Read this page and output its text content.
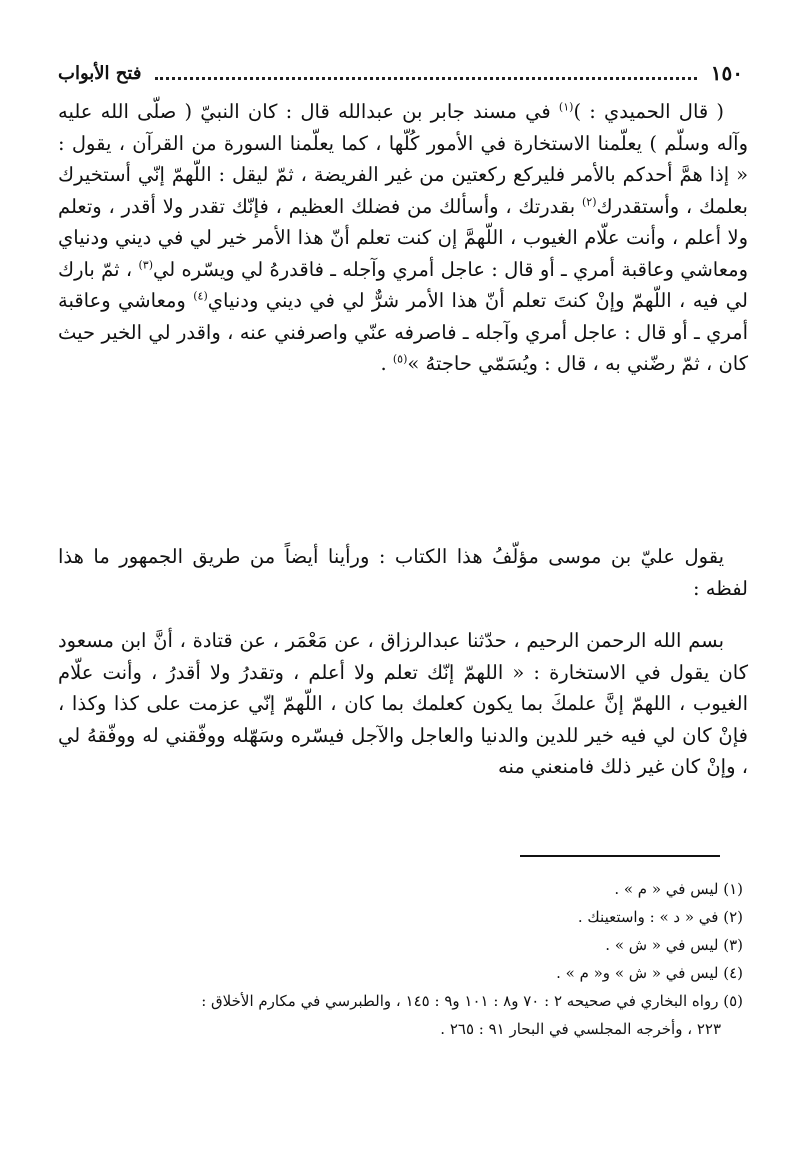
١٥٠
فتح الأبواب

( قال الحميدي : )$^{(١)}$ في مسند جابر بن عبدالله قال : كان النبيّ ( صلّى الله عليه وآله وسلّم ) يعلّمنا الاستخارة في الأمور كُلّها ، كما يعلّمنا السورة من القرآن ، يقول : « إذا همَّ أحدكم بالأمر فليركع ركعتين من غير الفريضة ، ثمّ ليقل : اللّهمّ إنّي أستخيرك بعلمك ، وأستقدرك$^{(٢)}$ بقدرتك ، وأسألك من فضلك العظيم ، فإنّك تقدر ولا أقدر ، وتعلم ولا أعلم ، وأنت علّام الغيوب ، اللّهمَّ إن كنت تعلم أنّ هذا الأمر خير لي في ديني ودنياي ومعاشي وعاقبة أمري ـ أو قال : عاجل أمري وآجله ـ فاقدرهُ لي ويسّره لي$^{(٣)}$ ، ثمّ بارك لي فيه ، اللّهمّ وإنْ كنتَ تعلم أنّ هذا الأمر شرٌّ لي في ديني ودنياي$^{(٤)}$ ومعاشي وعاقبة أمري ـ أو قال : عاجل أمري وآجله ـ فاصرفه عنّي واصرفني عنه ، واقدر لي الخير حيث كان ، ثمّ رضّني به ، قال : ويُسَمّي حاجتهُ »$^{(٥)}$ .

يقول عليّ بن موسى مؤلّفُ هذا الكتاب : ورأينا أيضاً من طريق الجمهور ما هذا لفظه :

بسم الله الرحمن الرحيم ، حدّثنا عبدالرزاق ، عن مَعْمَر ، عن قتادة ، أنَّ ابن مسعود كان يقول في الاستخارة : « اللهمّ إنّك تعلم ولا أعلم ، وتقدرُ ولا أقدرُ ، وأنت علّام الغيوب ، اللهمّ إنَّ علمكَ بما يكون كعلمك بما كان ، اللّهمّ إنّي عزمت على كذا وكذا ، فإنْ كان لي فيه خير للدين والدنيا والعاجل والآجل فيسّره وسَهّله ووفّقني له ووفّقهُ لي ، وإنْ كان غير ذلك فامنعني منه

(١) ليس في « م » .
(٢) في « د » : واستعينك .
(٣) ليس في « ش » .
(٤) ليس في « ش » و« م » .
(٥) رواه البخاري في صحيحه ٢ : ٧٠ و٨ : ١٠١ و٩ : ١٤٥ ، والطبرسي في مكارم الأخلاق :
٢٢٣ ، وأخرجه المجلسي في البحار ٩١ : ٢٦٥ .
